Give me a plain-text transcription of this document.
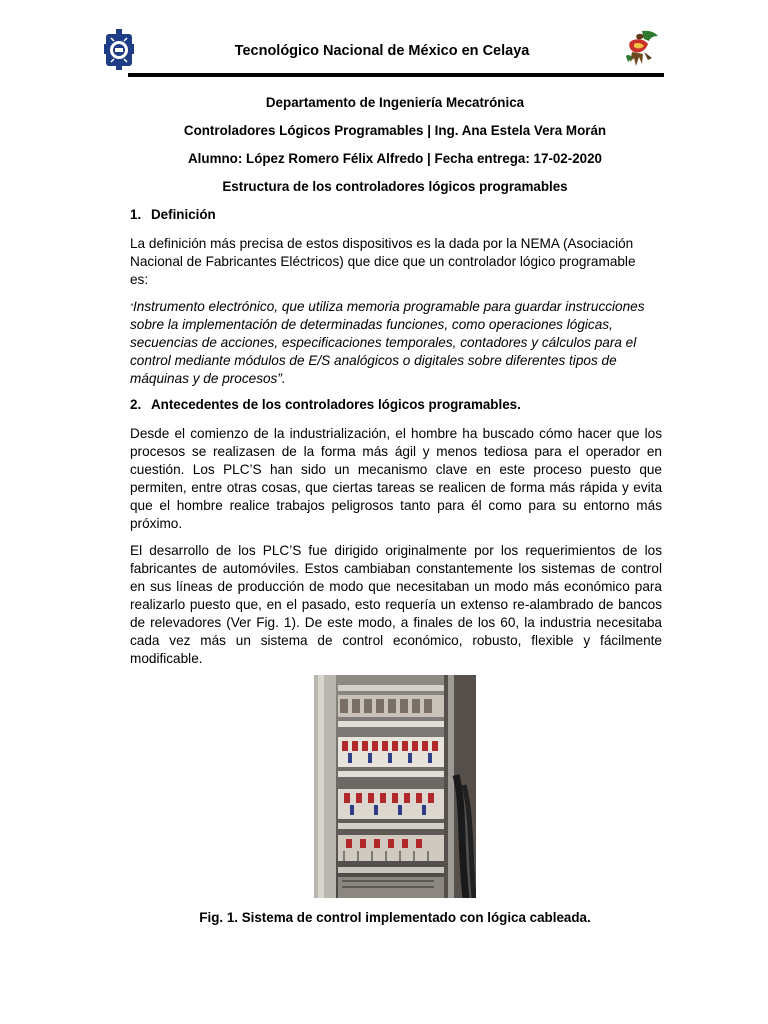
Tecnológico Nacional de México en Celaya
Departamento de Ingeniería Mecatrónica
Controladores Lógicos Programables | Ing. Ana Estela Vera Morán
Alumno: López Romero Félix Alfredo | Fecha entrega: 17-02-2020
Estructura de los controladores lógicos programables
1. Definición
La definición más precisa de estos dispositivos es la dada por la NEMA (Asociación
Nacional de Fabricantes Eléctricos) que dice que un controlador lógico programable
es:
“Instrumento electrónico, que utiliza memoria programable para guardar instrucciones
sobre la implementación de determinadas funciones, como operaciones lógicas,
secuencias de acciones, especificaciones temporales, contadores y cálculos para el
control mediante módulos de E/S analógicos o digitales sobre diferentes tipos de
máquinas y de procesos”.
2. Antecedentes de los controladores lógicos programables.

Desde el comienzo de la industrialización, el hombre ha buscado cómo hacer que los procesos se realizasen de la forma más ágil y menos tediosa para el operador en cuestión. Los PLC’S han sido un mecanismo clave en este proceso puesto que permiten, entre otras cosas, que ciertas tareas se realicen de forma más rápida y evita que el hombre realice trabajos peligrosos tanto para él como para su entorno más próximo.

El desarrollo de los PLC’S fue dirigido originalmente por los requerimientos de los fabricantes de automóviles. Estos cambiaban constantemente los sistemas de control en sus líneas de producción de modo que necesitaban un modo más económico para realizarlo puesto que, en el pasado, esto requería un extenso re-alambrado de bancos de relevadores (Ver Fig. 1). De este modo, a finales de los 60, la industria necesitaba cada vez más un sistema de control económico, robusto, flexible y fácilmente modificable.

Fig. 1. Sistema de control implementado con lógica cableada.
